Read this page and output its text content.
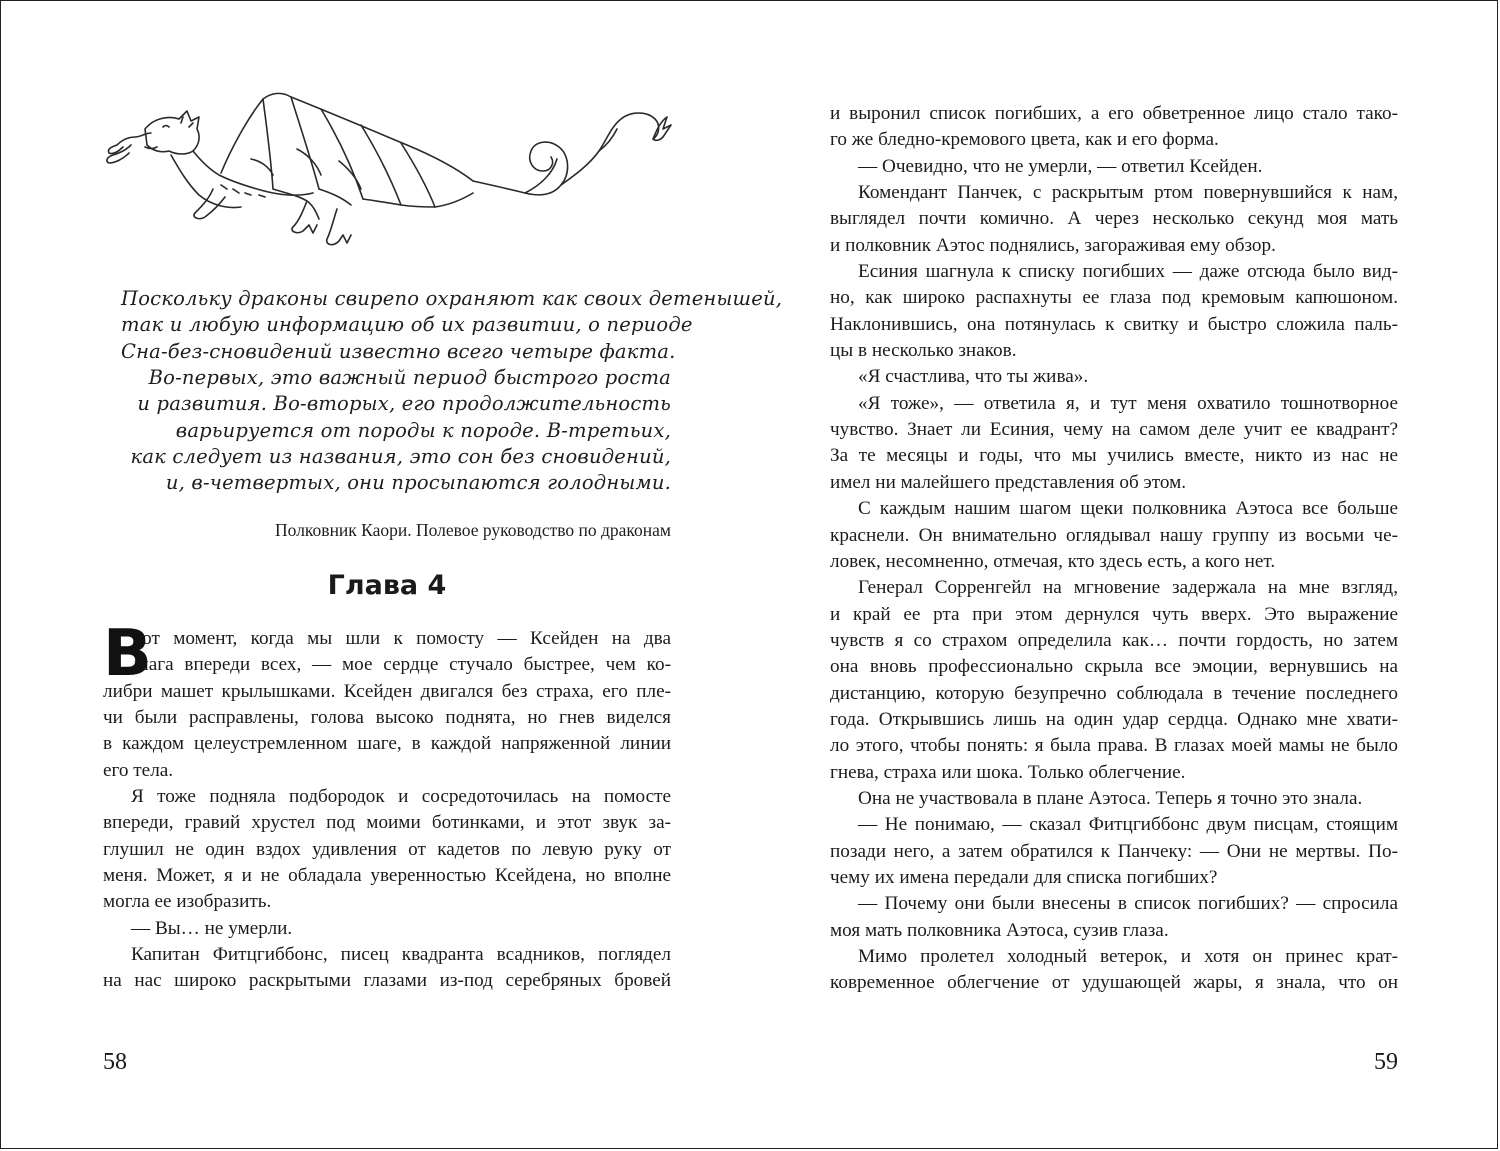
Поскольку драконы свирепо охраняют как своих детенышей,
так и любую информацию об их развитии, о периоде
Сна-без-сновидений известно всего четыре факта.
Во-первых, это важный период быстрого роста
и развития. Во-вторых, его продолжительность
варьируется от породы к породе. В-третьих,
как следует из названия, это сон без сновидений,
и, в-четвертых, они просыпаются голодными.
Полковник Каори. Полевое руководство по драконам
Глава 4
В
тот момент, когда мы шли к помосту — Ксейден на два
шага впереди всех, — мое сердце стучало быстрее, чем ко-
либри машет крылышками. Ксейден двигался без страха, его пле-
чи были расправлены, голова высоко поднята, но гнев виделся
в каждом целеустремленном шаге, в каждой напряженной линии
его тела.
Я тоже подняла подбородок и сосредоточилась на помосте
впереди, гравий хрустел под моими ботинками, и этот звук за-
глушил не один вздох удивления от кадетов по левую руку от
меня. Может, я и не обладала уверенностью Ксейдена, но вполне
могла ее изобразить.
— Вы… не умерли.
Капитан Фитцгиббонс, писец квадранта всадников, поглядел
на нас широко раскрытыми глазами из-под серебряных бровей
58
и выронил список погибших, а его обветренное лицо стало тако-
го же бледно-кремового цвета, как и его форма.
— Очевидно, что не умерли, — ответил Ксейден.
Комендант Панчек, с раскрытым ртом повернувшийся к нам,
выглядел почти комично. А через несколько секунд моя мать
и полковник Аэтос поднялись, загораживая ему обзор.
Есиния шагнула к списку погибших — даже отсюда было вид-
но, как широко распахнуты ее глаза под кремовым капюшоном.
Наклонившись, она потянулась к свитку и быстро сложила паль-
цы в несколько знаков.
«Я счастлива, что ты жива».
«Я тоже», — ответила я, и тут меня охватило тошнотворное
чувство. Знает ли Есиния, чему на самом деле учит ее квадрант?
За те месяцы и годы, что мы учились вместе, никто из нас не
имел ни малейшего представления об этом.
С каждым нашим шагом щеки полковника Аэтоса все больше
краснели. Он внимательно оглядывал нашу группу из восьми че-
ловек, несомненно, отмечая, кто здесь есть, а кого нет.
Генерал Сорренгейл на мгновение задержала на мне взгляд,
и край ее рта при этом дернулся чуть вверх. Это выражение
чувств я со страхом определила как… почти гордость, но затем
она вновь профессионально скрыла все эмоции, вернувшись на
дистанцию, которую безупречно соблюдала в течение последнего
года. Открывшись лишь на один удар сердца. Однако мне хвати-
ло этого, чтобы понять: я была права. В глазах моей мамы не было
гнева, страха или шока. Только облегчение.
Она не участвовала в плане Аэтоса. Теперь я точно это знала.
— Не понимаю, — сказал Фитцгиббонс двум писцам, стоящим
позади него, а затем обратился к Панчеку: — Они не мертвы. По-
чему их имена передали для списка погибших?
— Почему они были внесены в список погибших? — спросила
моя мать полковника Аэтоса, сузив глаза.
Мимо пролетел холодный ветерок, и хотя он принес крат-
ковременное облегчение от удушающей жары, я знала, что он
59
